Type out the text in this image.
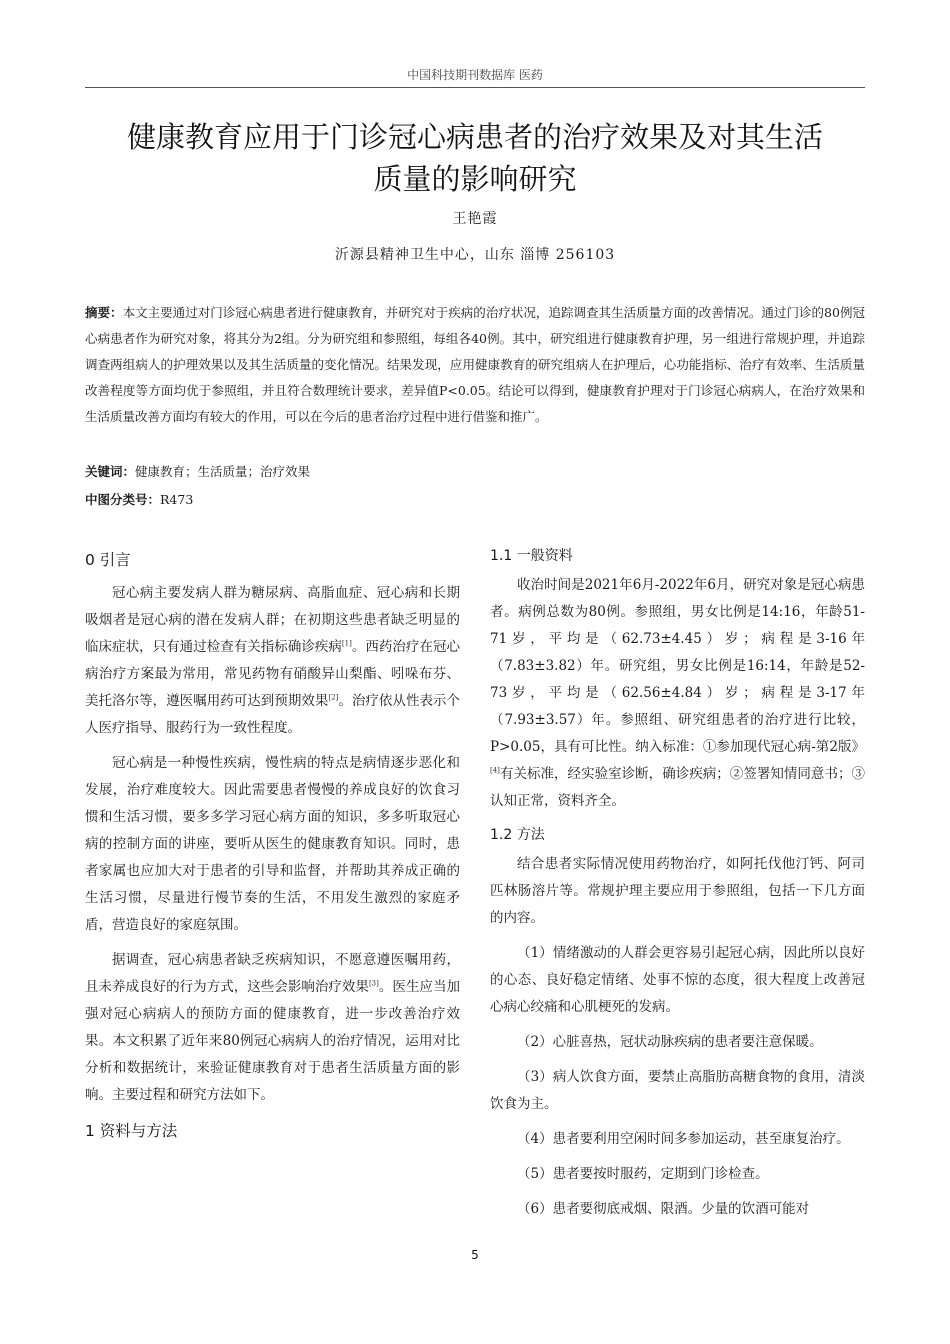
中国科技期刊数据库 医药
健康教育应用于门诊冠心病患者的治疗效果及对其生活
质量的影响研究
王艳霞
沂源县精神卫生中心，山东 淄博 256103
摘要：本文主要通过对门诊冠心病患者进行健康教育，并研究对于疾病的治疗状况，追踪调查其生活质量方面的改善情况。通过门诊的80例冠心病患者作为研究对象，将其分为2组。分为研究组和参照组，每组各40例。其中，研究组进行健康教育护理，另一组进行常规护理，并追踪调查两组病人的护理效果以及其生活质量的变化情况。结果发现，应用健康教育的研究组病人在护理后，心功能指标、治疗有效率、生活质量改善程度等方面均优于参照组，并且符合数理统计要求，差异值P<0.05。结论可以得到，健康教育护理对于门诊冠心病病人，在治疗效果和生活质量改善方面均有较大的作用，可以在今后的患者治疗过程中进行借鉴和推广。
关键词：健康教育；生活质量；治疗效果
中图分类号：R473
0 引言

冠心病主要发病人群为糖尿病、高脂血症、冠心病和长期吸烟者是冠心病的潜在发病人群；在初期这些患者缺乏明显的临床症状，只有通过检查有关指标确诊疾病[1]。西药治疗在冠心病治疗方案最为常用，常见药物有硝酸异山梨酯、吲哚布芬、美托洛尔等，遵医嘱用药可达到预期效果[2]。治疗依从性表示个人医疗指导、服药行为一致性程度。

冠心病是一种慢性疾病，慢性病的特点是病情逐步恶化和发展，治疗难度较大。因此需要患者慢慢的养成良好的饮食习惯和生活习惯，要多多学习冠心病方面的知识，多多听取冠心病的控制方面的讲座，要听从医生的健康教育知识。同时，患者家属也应加大对于患者的引导和监督，并帮助其养成正确的生活习惯，尽量进行慢节奏的生活，不用发生激烈的家庭矛盾，营造良好的家庭氛围。

据调查，冠心病患者缺乏疾病知识，不愿意遵医嘱用药，且未养成良好的行为方式，这些会影响治疗效果[3]。医生应当加强对冠心病病人的预防方面的健康教育，进一步改善治疗效果。本文积累了近年来80例冠心病病人的治疗情况，运用对比分析和数据统计，来验证健康教育对于患者生活质量方面的影响。主要过程和研究方法如下。

1 资料与方法
1.1 一般资料

收治时间是2021年6月-2022年6月，研究对象是冠心病患者。病例总数为80例。参照组，男女比例是14:16，年龄51-71岁，平均是（62.73±4.45）岁；病程是3-16年（7.83±3.82）年。研究组，男女比例是16:14，年龄是52-73岁，平均是（62.56±4.84）岁；病程是3-17年（7.93±3.57）年。参照组、研究组患者的治疗进行比较，P>0.05，具有可比性。纳入标准：①参加现代冠心病-第2版》[4]有关标准，经实验室诊断，确诊疾病；②签署知情同意书；③认知正常，资料齐全。

1.2 方法

结合患者实际情况使用药物治疗，如阿托伐他汀钙、阿司匹林肠溶片等。常规护理主要应用于参照组，包括一下几方面的内容。

（1）情绪激动的人群会更容易引起冠心病，因此所以良好的心态、良好稳定情绪、处事不惊的态度，很大程度上改善冠心病心绞痛和心肌梗死的发病。

（2）心脏喜热，冠状动脉疾病的患者要注意保暖。

（3）病人饮食方面，要禁止高脂肪高糖食物的食用，清淡饮食为主。

（4）患者要利用空闲时间多参加运动，甚至康复治疗。

（5）患者要按时服药，定期到门诊检查。

（6）患者要彻底戒烟、限酒。少量的饮酒可能对

5
